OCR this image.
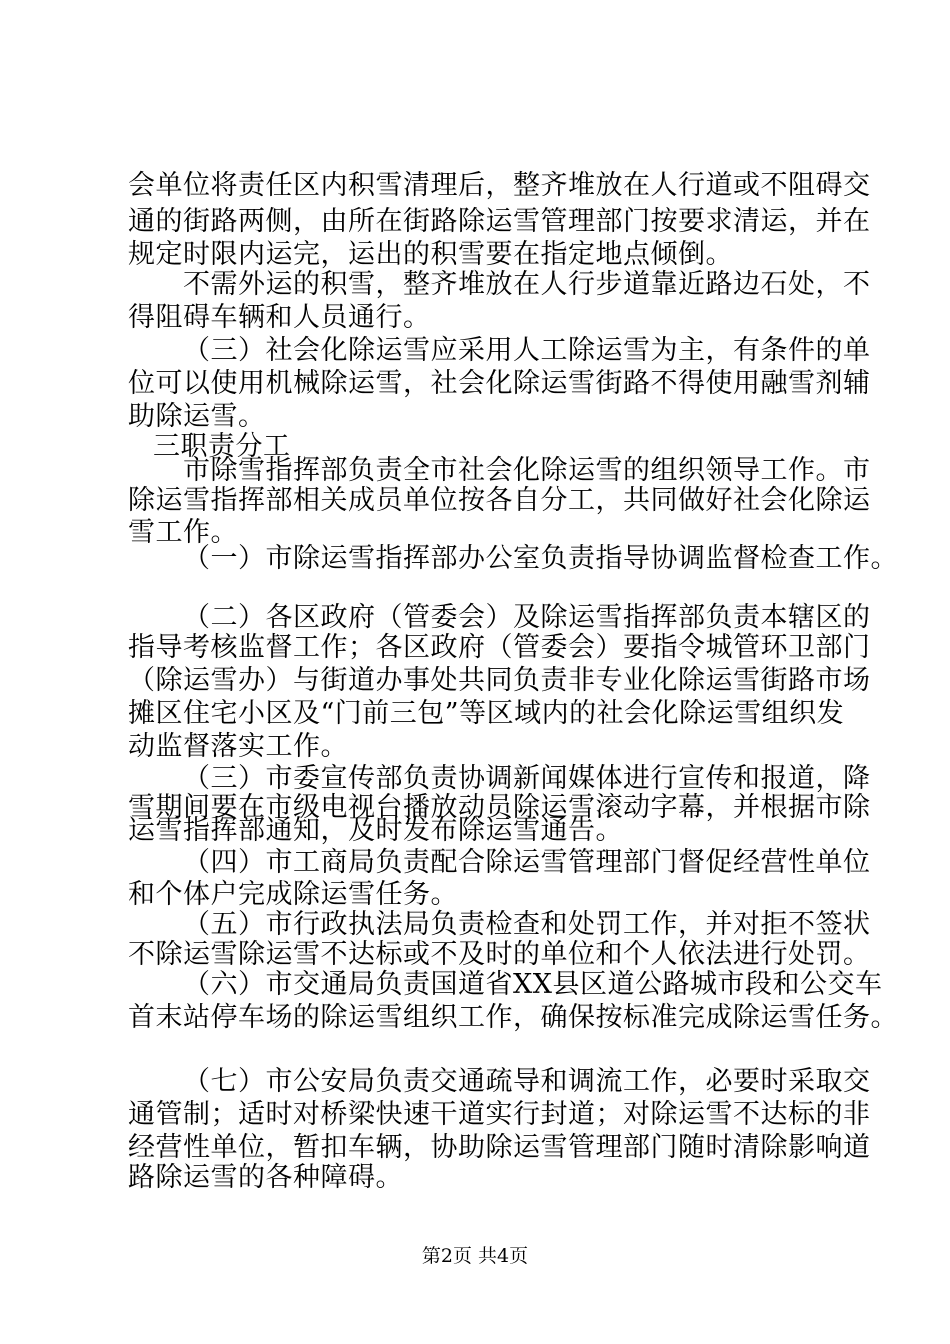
会单位将责任区内积雪清理后，整齐堆放在人行道或不阻碍交
通的街路两侧，由所在街路除运雪管理部门按要求清运，并在
规定时限内运完，运出的积雪要在指定地点倾倒。
不需外运的积雪，整齐堆放在人行步道靠近路边石处，不
得阻碍车辆和人员通行。
（三）社会化除运雪应采用人工除运雪为主，有条件的单
位可以使用机械除运雪，社会化除运雪街路不得使用融雪剂辅
助除运雪。
三职责分工
市除雪指挥部负责全市社会化除运雪的组织领导工作。市
除运雪指挥部相关成员单位按各自分工，共同做好社会化除运
雪工作。
（一）市除运雪指挥部办公室负责指导协调监督检查工作。
（二）各区政府（管委会）及除运雪指挥部负责本辖区的
指导考核监督工作；各区政府（管委会）要指令城管环卫部门
（除运雪办）与街道办事处共同负责非专业化除运雪街路市场
摊区住宅小区及“门前三包”等区域内的社会化除运雪组织发
动监督落实工作。
（三）市委宣传部负责协调新闻媒体进行宣传和报道，降
雪期间要在市级电视台播放动员除运雪滚动字幕，并根据市除
运雪指挥部通知，及时发布除运雪通告。
（四）市工商局负责配合除运雪管理部门督促经营性单位
和个体户完成除运雪任务。
（五）市行政执法局负责检查和处罚工作，并对拒不签状
不除运雪除运雪不达标或不及时的单位和个人依法进行处罚。
（六）市交通局负责国道省XX县区道公路城市段和公交车
首末站停车场的除运雪组织工作，确保按标准完成除运雪任务。
（七）市公安局负责交通疏导和调流工作，必要时采取交
通管制；适时对桥梁快速干道实行封道；对除运雪不达标的非
经营性单位，暂扣车辆，协助除运雪管理部门随时清除影响道
路除运雪的各种障碍。
第2页 共4页
